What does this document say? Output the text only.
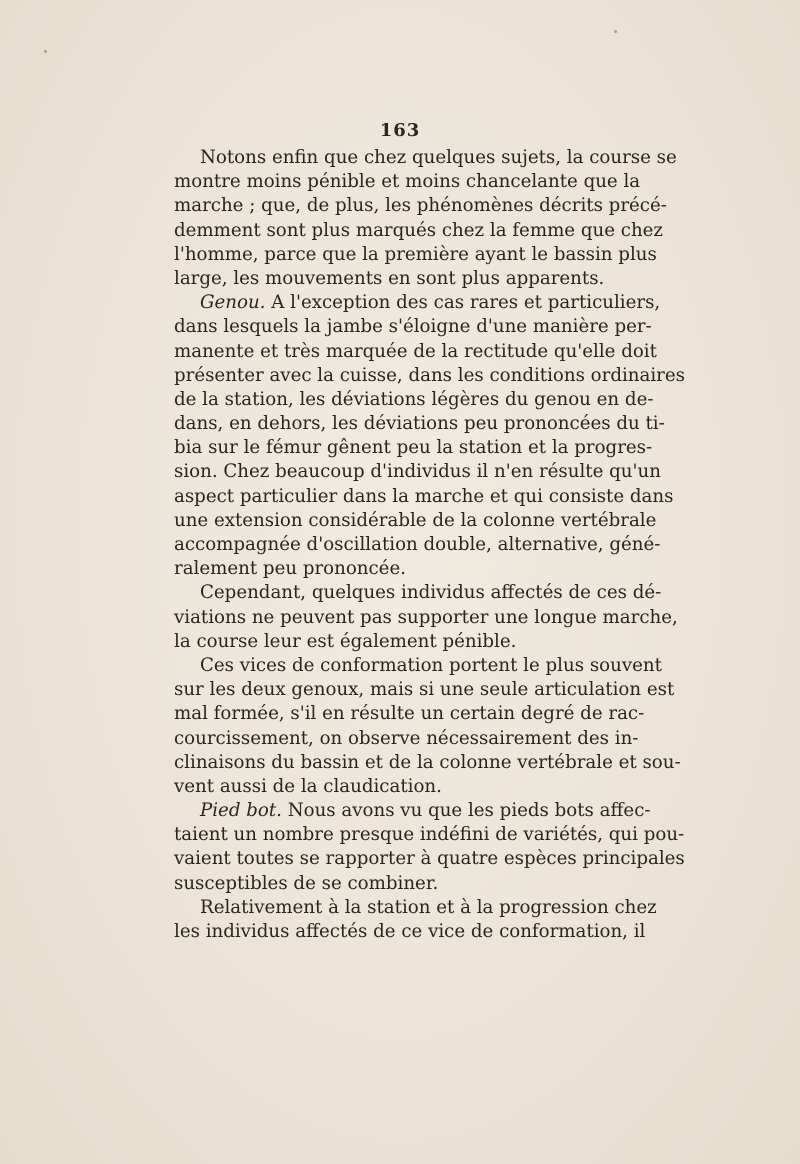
163
Notons enfin que chez quelques sujets, la course se
montre moins pénible et moins chancelante que la
marche ; que, de plus, les phénomènes décrits précé-
demment sont plus marqués chez la femme que chez
l'homme, parce que la première ayant le bassin plus
large, les mouvements en sont plus apparents.
Genou. A l'exception des cas rares et particuliers,
dans lesquels la jambe s'éloigne d'une manière per-
manente et très marquée de la rectitude qu'elle doit
présenter avec la cuisse, dans les conditions ordinaires
de la station, les déviations légères du genou en de-
dans, en dehors, les déviations peu prononcées du ti-
bia sur le fémur gênent peu la station et la progres-
sion. Chez beaucoup d'individus il n'en résulte qu'un
aspect particulier dans la marche et qui consiste dans
une extension considérable de la colonne vertébrale
accompagnée d'oscillation double, alternative, géné-
ralement peu prononcée.
Cependant, quelques individus affectés de ces dé-
viations ne peuvent pas supporter une longue marche,
la course leur est également pénible.
Ces vices de conformation portent le plus souvent
sur les deux genoux, mais si une seule articulation est
mal formée, s'il en résulte un certain degré de rac-
courcissement, on observe nécessairement des in-
clinaisons du bassin et de la colonne vertébrale et sou-
vent aussi de la claudication.
Pied bot. Nous avons vu que les pieds bots affec-
taient un nombre presque indéfini de variétés, qui pou-
vaient toutes se rapporter à quatre espèces principales
susceptibles de se combiner.
Relativement à la station et à la progression chez
les individus affectés de ce vice de conformation, il
